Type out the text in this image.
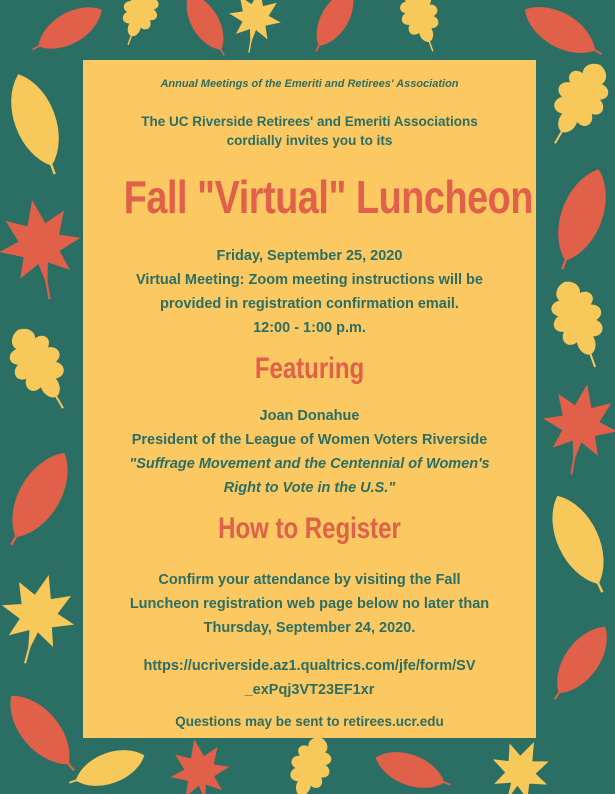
Annual Meetings of the Emeriti and Retirees' Association
The UC Riverside Retirees' and Emeriti Associations
cordially invites you to its
Fall "Virtual" Luncheon
Friday, September 25, 2020
Virtual Meeting: Zoom meeting instructions will be
provided in registration confirmation email.
12:00 - 1:00 p.m.
Featuring
Joan Donahue
President of the League of Women Voters Riverside
"Suffrage Movement and the Centennial of Women's
Right to Vote in the U.S."
How to Register
Confirm your attendance by visiting the Fall
Luncheon registration web page below no later than
Thursday, September 24, 2020.
https://ucriverside.az1.qualtrics.com/jfe/form/SV
_exPqj3VT23EF1xr
Questions may be sent to retirees.ucr.edu
